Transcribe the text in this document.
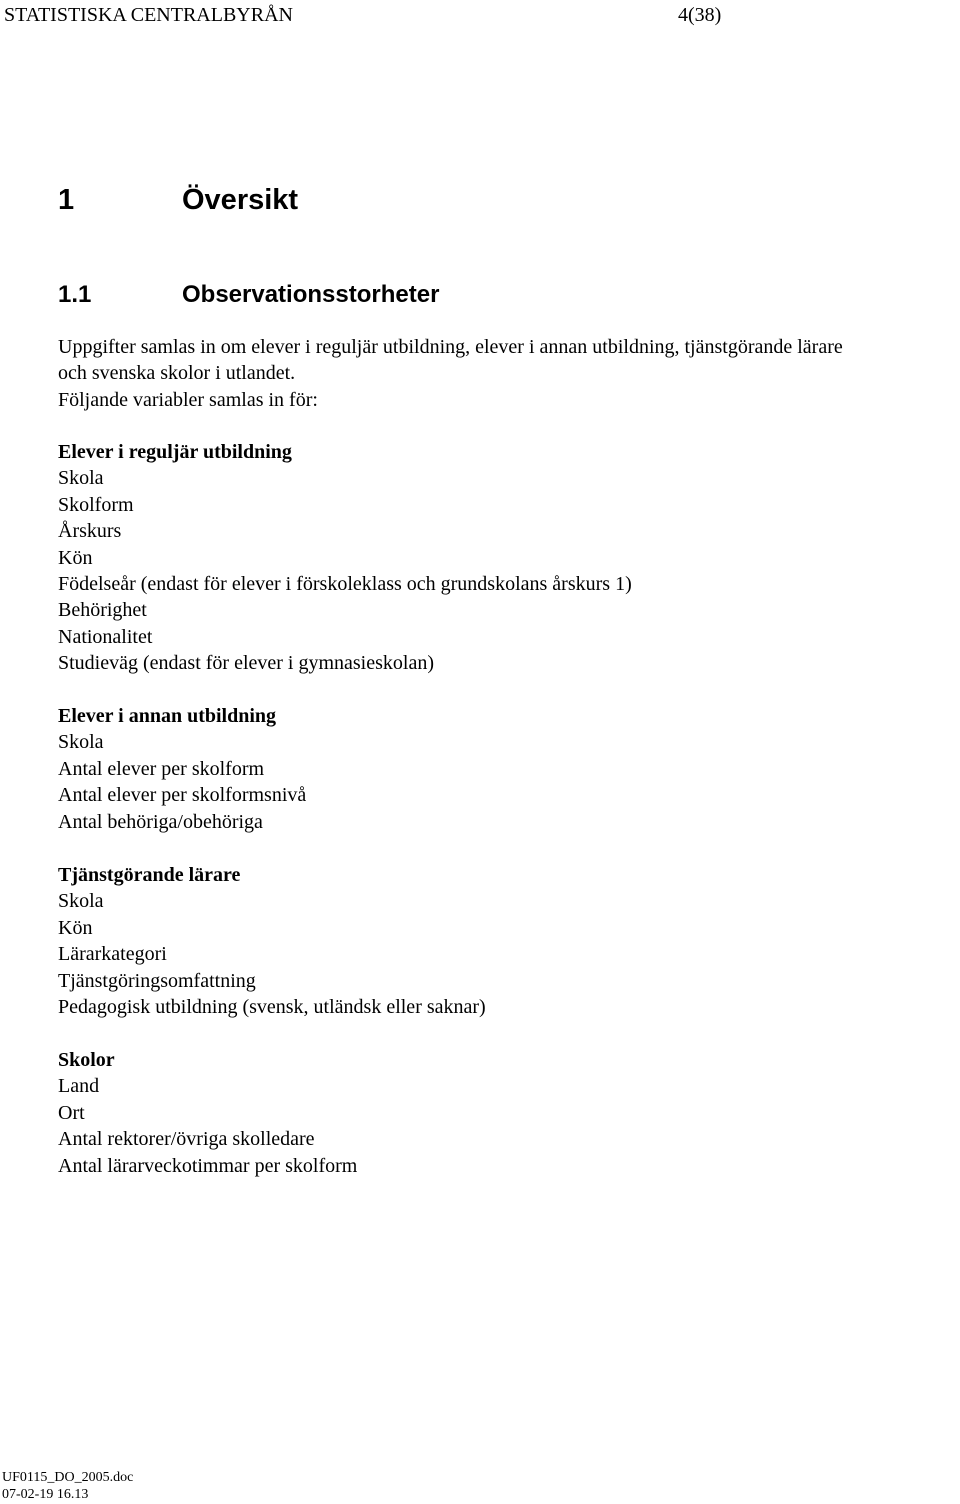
STATISTISKA CENTRALBYRÅN	4(38)
1	Översikt
1.1	Observationsstorheter

Uppgifter samlas in om elever i reguljär utbildning, elever i annan utbildning, tjänstgörande lärare

och svenska skolor i utlandet.

Följande variabler samlas in för:

Elever i reguljär utbildning
Skola
Skolform
Årskurs
Kön
Födelseår (endast för elever i förskoleklass och grundskolans årskurs 1)
Behörighet
Nationalitet
Studieväg (endast för elever i gymnasieskolan)
Elever i annan utbildning
Skola
Antal elever per skolform
Antal elever per skolformsnivå
Antal behöriga/obehöriga
Tjänstgörande lärare
Skola
Kön
Lärarkategori
Tjänstgöringsomfattning
Pedagogisk utbildning (svensk, utländsk eller saknar)
Skolor
Land
Ort
Antal rektorer/övriga skolledare
Antal lärarveckotimmar per skolform
UF0115_DO_2005.doc
07-02-19 16.13
